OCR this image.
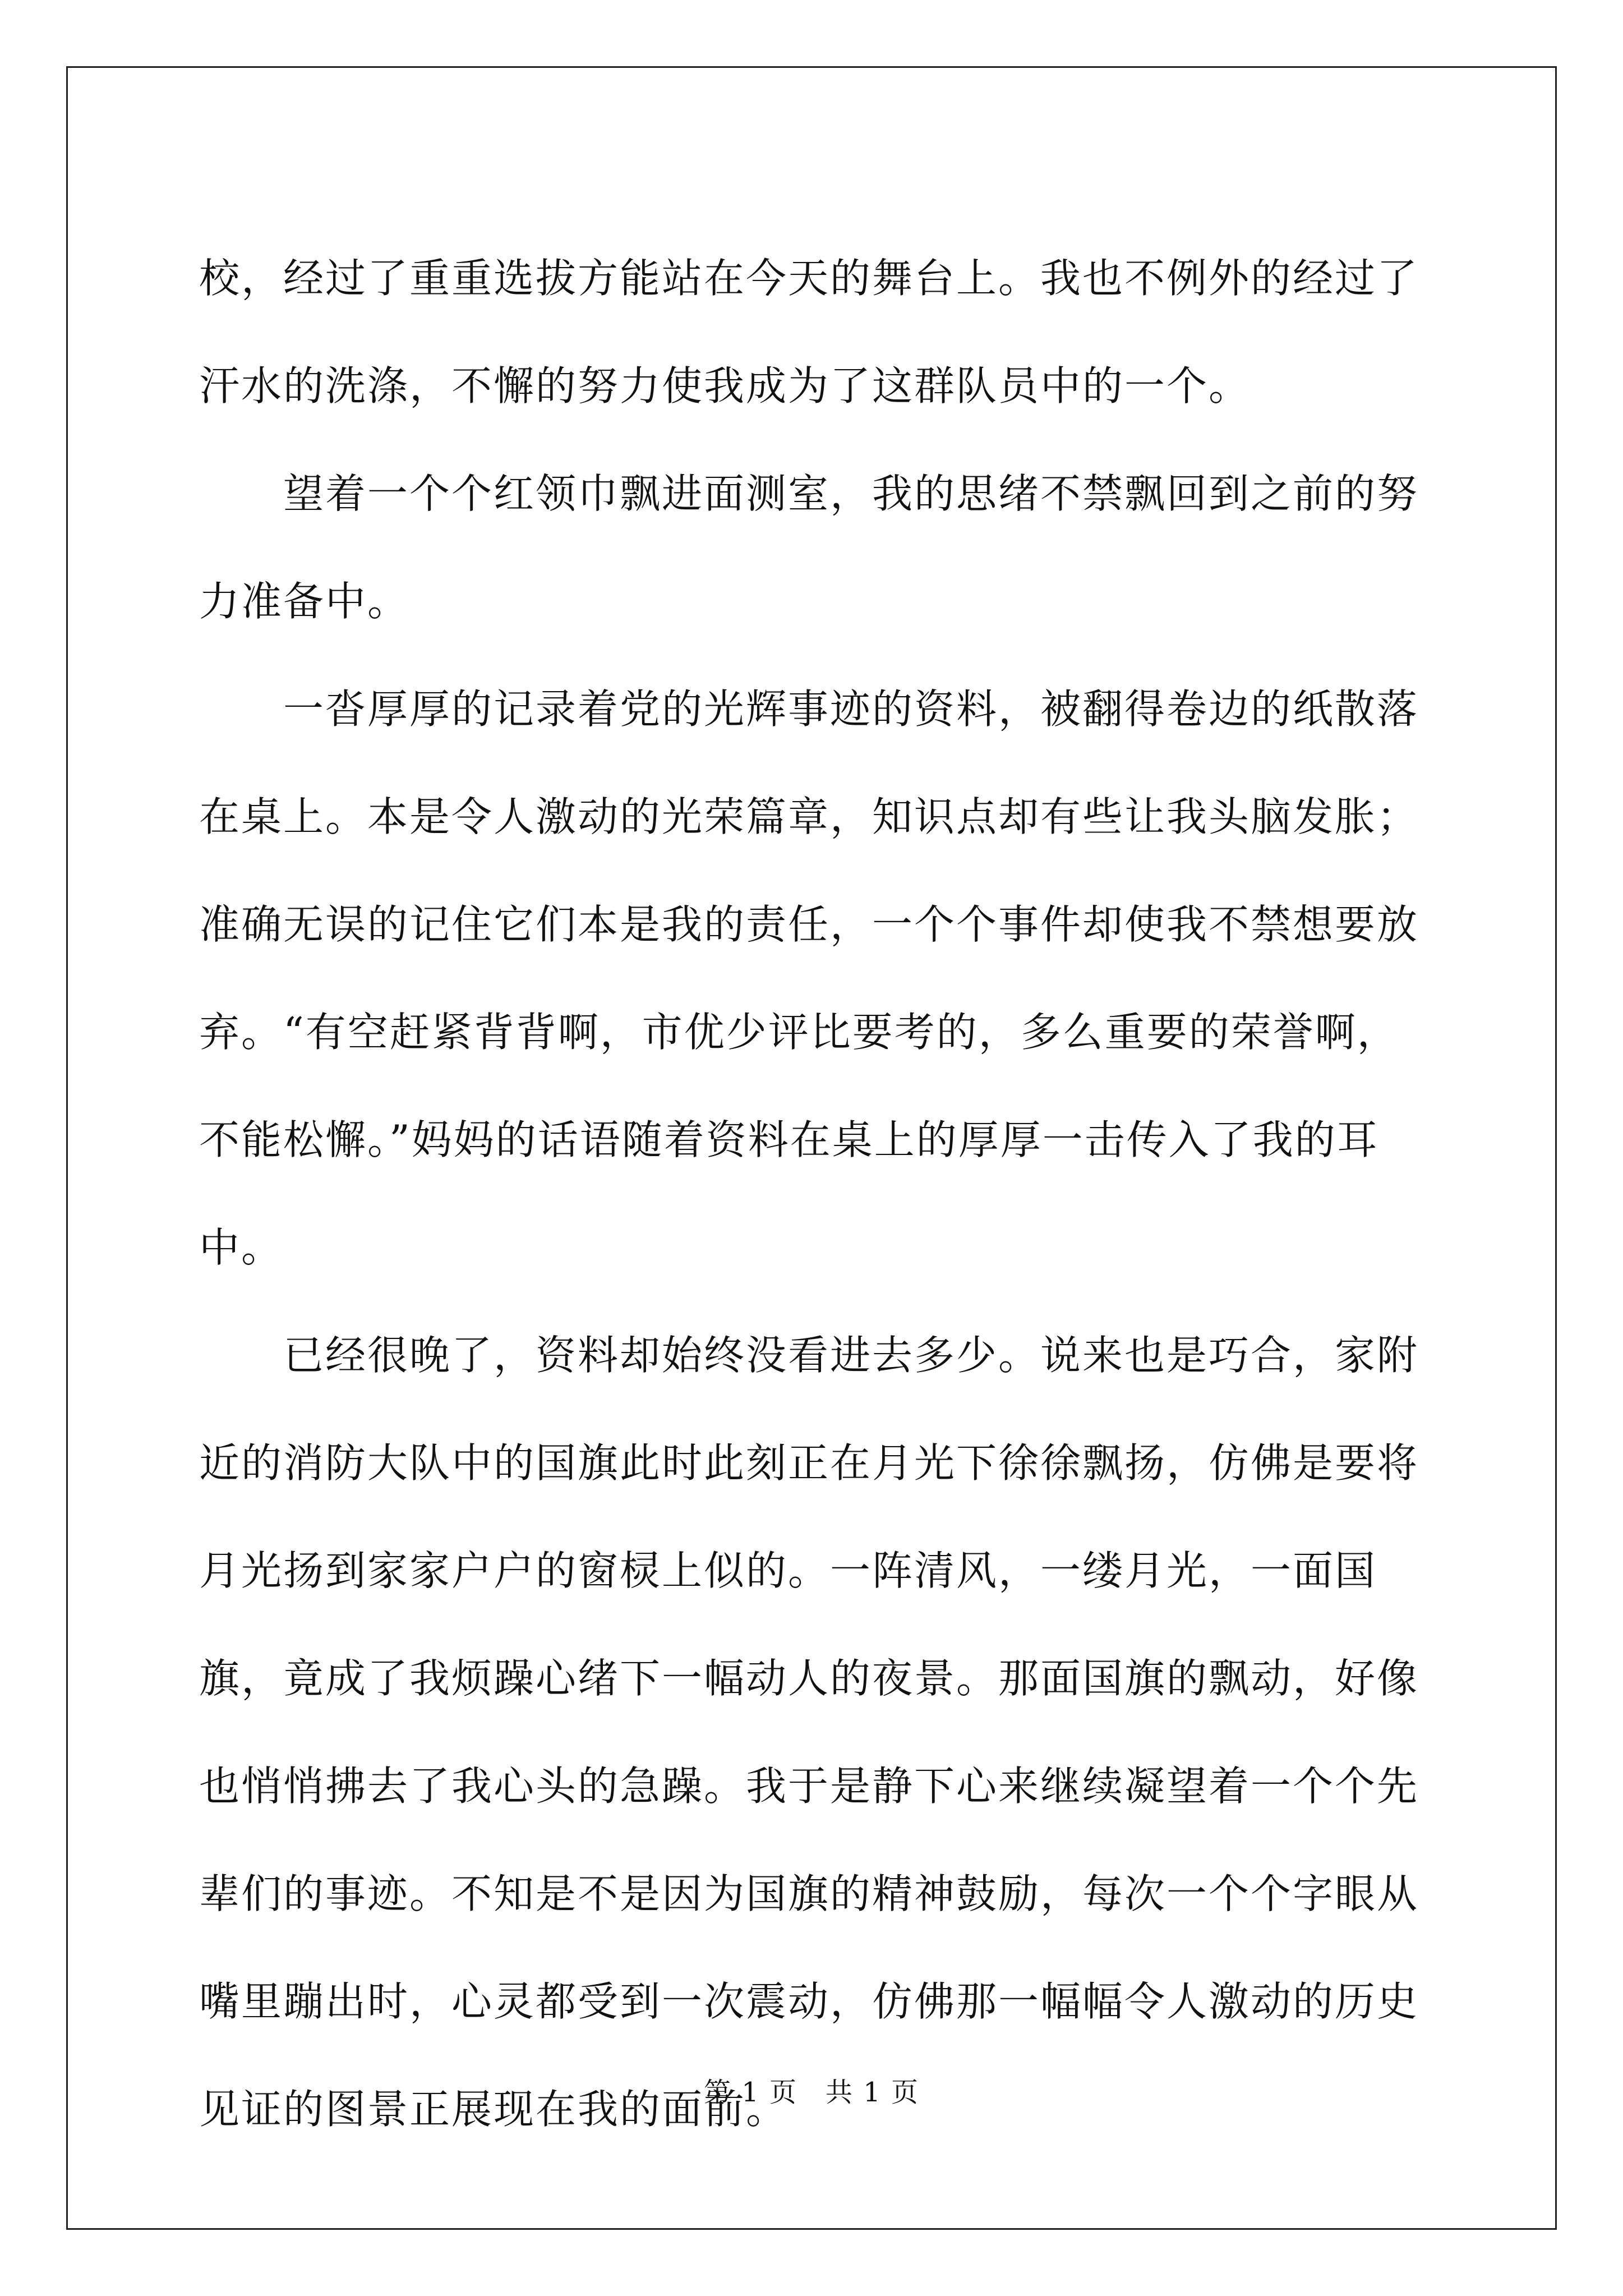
校，经过了重重选拔方能站在今天的舞台上。我也不例外的经过了汗水的洗涤，不懈的努力使我成为了这群队员中的一个。

望着一个个红领巾飘进面测室，我的思绪不禁飘回到之前的努力准备中。

一沓厚厚的记录着党的光辉事迹的资料，被翻得卷边的纸散落在桌上。本是令人激动的光荣篇章，知识点却有些让我头脑发胀；准确无误的记住它们本是我的责任，一个个事件却使我不禁想要放弃。“有空赶紧背背啊，市优少评比要考的，多么重要的荣誉啊，不能松懈。”妈妈的话语随着资料在桌上的厚厚一击传入了我的耳中。

已经很晚了，资料却始终没看进去多少。说来也是巧合，家附近的消防大队中的国旗此时此刻正在月光下徐徐飘扬，仿佛是要将月光扬到家家户户的窗棂上似的。一阵清风，一缕月光，一面国旗，竟成了我烦躁心绪下一幅动人的夜景。那面国旗的飘动，好像也悄悄拂去了我心头的急躁。我于是静下心来继续凝望着一个个先辈们的事迹。不知是不是因为国旗的精神鼓励，每次一个个字眼从嘴里蹦出时，心灵都受到一次震动，仿佛那一幅幅令人激动的历史见证的图景正展现在我的面前。

第 1 页　共 1 页
